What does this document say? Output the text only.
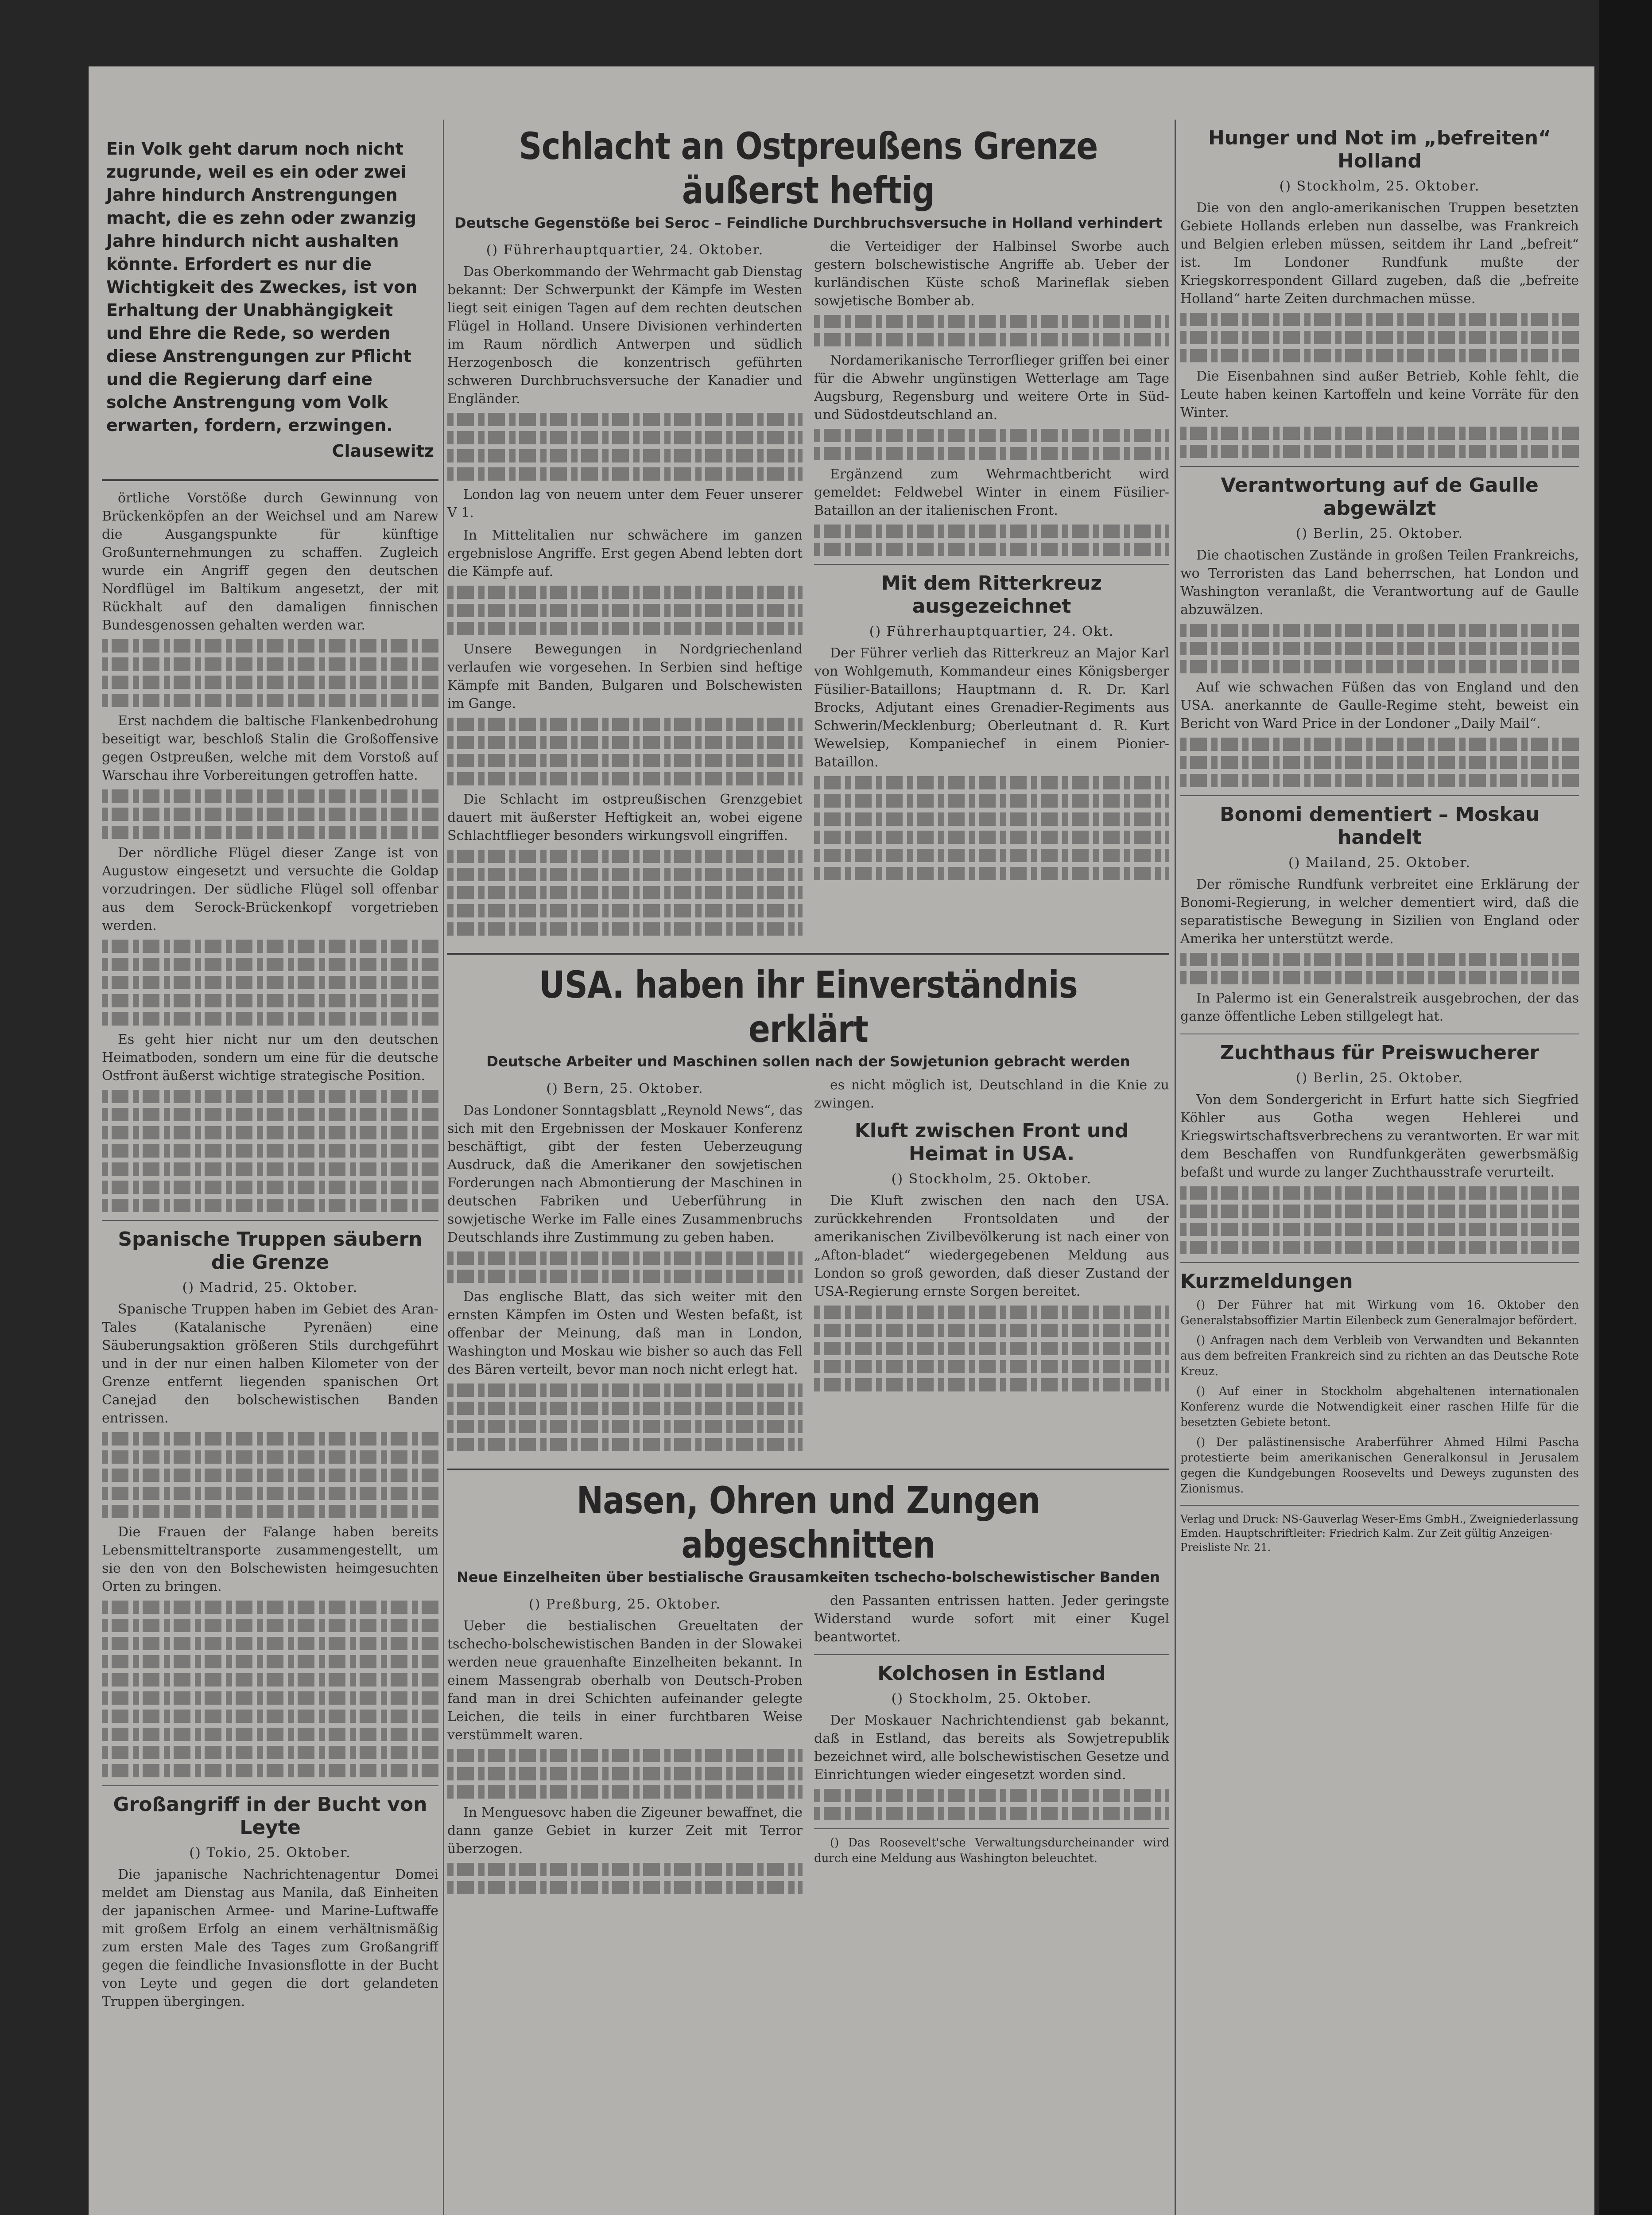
Ein Volk geht darum noch nicht zugrunde, weil es ein oder zwei Jahre hindurch Anstrengungen macht, die es zehn oder zwanzig Jahre hindurch nicht aushalten könnte. Erfordert es nur die Wichtigkeit des Zweckes, ist von Erhaltung der Unabhängigkeit und Ehre die Rede, so werden diese Anstrengungen zur Pflicht und die Regierung darf eine solche Anstrengung vom Volk erwarten, fordern, erzwingen.
Clausewitz

örtliche Vorstöße durch Gewinnung von Brückenköpfen an der Weichsel und am Narew die Ausgangspunkte für künftige Großunternehmungen zu schaffen. Zugleich wurde ein Angriff gegen den deutschen Nordflügel im Baltikum angesetzt, der mit Rückhalt auf den damaligen finnischen Bundesgenossen gehalten werden war.

Erst nachdem die baltische Flankenbedrohung beseitigt war, beschloß Stalin die Großoffensive gegen Ostpreußen, welche mit dem Vorstoß auf Warschau ihre Vorbereitungen getroffen hatte.

Der nördliche Flügel dieser Zange ist von Augustow eingesetzt und versuchte die Goldap vorzudringen. Der südliche Flügel soll offenbar aus dem Serock-Brückenkopf vorgetrieben werden.

Es geht hier nicht nur um den deutschen Heimatboden, sondern um eine für die deutsche Ostfront äußerst wichtige strategische Position.

Spanische Truppen säubern die Grenze
() Madrid, 25. Oktober.

Spanische Truppen haben im Gebiet des Aran-Tales (Katalanische Pyrenäen) eine Säuberungsaktion größeren Stils durchgeführt und in der nur einen halben Kilometer von der Grenze entfernt liegenden spanischen Ort Canejad den bolschewistischen Banden entrissen.

Die Frauen der Falange haben bereits Lebensmitteltransporte zusammengestellt, um sie den von den Bolschewisten heimgesuchten Orten zu bringen.

Großangriff in der Bucht von Leyte
() Tokio, 25. Oktober.

Die japanische Nachrichtenagentur Domei meldet am Dienstag aus Manila, daß Einheiten der japanischen Armee- und Marine-Luftwaffe mit großem Erfolg an einem verhältnismäßig zum ersten Male des Tages zum Großangriff gegen die feindliche Invasionsflotte in der Bucht von Leyte und gegen die dort gelandeten Truppen übergingen.

Schlacht an Ostpreußens Grenze äußerst heftig
Deutsche Gegenstöße bei Seroc – Feindliche Durchbruchsversuche in Holland verhindert
() Führerhauptquartier, 24. Oktober.

Das Oberkommando der Wehrmacht gab Dienstag bekannt: Der Schwerpunkt der Kämpfe im Westen liegt seit einigen Tagen auf dem rechten deutschen Flügel in Holland. Unsere Divisionen verhinderten im Raum nördlich Antwerpen und südlich Herzogenbosch die konzentrisch geführten schweren Durchbruchsversuche der Kanadier und Engländer.

London lag von neuem unter dem Feuer unserer V 1.

In Mittelitalien nur schwächere im ganzen ergebnislose Angriffe. Erst gegen Abend lebten dort die Kämpfe auf.

Unsere Bewegungen in Nordgriechenland verlaufen wie vorgesehen. In Serbien sind heftige Kämpfe mit Banden, Bulgaren und Bolschewisten im Gange.

Die Schlacht im ostpreußischen Grenzgebiet dauert mit äußerster Heftigkeit an, wobei eigene Schlachtflieger besonders wirkungsvoll eingriffen.

die Verteidiger der Halbinsel Sworbe auch gestern bolschewistische Angriffe ab. Ueber der kurländischen Küste schoß Marineflak sieben sowjetische Bomber ab.

Nordamerikanische Terrorflieger griffen bei einer für die Abwehr ungünstigen Wetterlage am Tage Augsburg, Regensburg und weitere Orte in Süd- und Südostdeutschland an.

Ergänzend zum Wehrmachtbericht wird gemeldet: Feldwebel Winter in einem Füsilier-Bataillon an der italienischen Front.

Mit dem Ritterkreuz ausgezeichnet
() Führerhauptquartier, 24. Okt.

Der Führer verlieh das Ritterkreuz an Major Karl von Wohlgemuth, Kommandeur eines Königsberger Füsilier-Bataillons; Hauptmann d. R. Dr. Karl Brocks, Adjutant eines Grenadier-Regiments aus Schwerin/Mecklenburg; Oberleutnant d. R. Kurt Wewelsiep, Kompaniechef in einem Pionier-Bataillon.

USA. haben ihr Einverständnis erklärt
Deutsche Arbeiter und Maschinen sollen nach der Sowjetunion gebracht werden
() Bern, 25. Oktober.

Das Londoner Sonntagsblatt „Reynold News“, das sich mit den Ergebnissen der Moskauer Konferenz beschäftigt, gibt der festen Ueberzeugung Ausdruck, daß die Amerikaner den sowjetischen Forderungen nach Abmontierung der Maschinen in deutschen Fabriken und Ueberführung in sowjetische Werke im Falle eines Zusammenbruchs Deutschlands ihre Zustimmung zu geben haben.

Das englische Blatt, das sich weiter mit den ernsten Kämpfen im Osten und Westen befaßt, ist offenbar der Meinung, daß man in London, Washington und Moskau wie bisher so auch das Fell des Bären verteilt, bevor man noch nicht erlegt hat.

es nicht möglich ist, Deutschland in die Knie zu zwingen.

Kluft zwischen Front und Heimat in USA.
() Stockholm, 25. Oktober.

Die Kluft zwischen den nach den USA. zurückkehrenden Frontsoldaten und der amerikanischen Zivilbevölkerung ist nach einer von „Afton-bladet“ wiedergegebenen Meldung aus London so groß geworden, daß dieser Zustand der USA-Regierung ernste Sorgen bereitet.

Nasen, Ohren und Zungen abgeschnitten
Neue Einzelheiten über bestialische Grausamkeiten tschecho-bolschewistischer Banden
() Preßburg, 25. Oktober.

Ueber die bestialischen Greueltaten der tschecho-bolschewistischen Banden in der Slowakei werden neue grauenhafte Einzelheiten bekannt. In einem Massengrab oberhalb von Deutsch-Proben fand man in drei Schichten aufeinander gelegte Leichen, die teils in einer furchtbaren Weise verstümmelt waren.

In Menguesovc haben die Zigeuner bewaffnet, die dann ganze Gebiet in kurzer Zeit mit Terror überzogen.

den Passanten entrissen hatten. Jeder geringste Widerstand wurde sofort mit einer Kugel beantwortet.

Kolchosen in Estland
() Stockholm, 25. Oktober.

Der Moskauer Nachrichtendienst gab bekannt, daß in Estland, das bereits als Sowjetrepublik bezeichnet wird, alle bolschewistischen Gesetze und Einrichtungen wieder eingesetzt worden sind.

() Das Roosevelt'sche Verwaltungsdurcheinander wird durch eine Meldung aus Washington beleuchtet.

Hunger und Not im „befreiten“ Holland
() Stockholm, 25. Oktober.

Die von den anglo-amerikanischen Truppen besetzten Gebiete Hollands erleben nun dasselbe, was Frankreich und Belgien erleben müssen, seitdem ihr Land „befreit“ ist. Im Londoner Rundfunk mußte der Kriegskorrespondent Gillard zugeben, daß die „befreite Holland“ harte Zeiten durchmachen müsse.

Die Eisenbahnen sind außer Betrieb, Kohle fehlt, die Leute haben keinen Kartoffeln und keine Vorräte für den Winter.

Verantwortung auf de Gaulle abgewälzt
() Berlin, 25. Oktober.

Die chaotischen Zustände in großen Teilen Frankreichs, wo Terroristen das Land beherrschen, hat London und Washington veranlaßt, die Verantwortung auf de Gaulle abzuwälzen.

Auf wie schwachen Füßen das von England und den USA. anerkannte de Gaulle-Regime steht, beweist ein Bericht von Ward Price in der Londoner „Daily Mail“.

Bonomi dementiert – Moskau handelt
() Mailand, 25. Oktober.

Der römische Rundfunk verbreitet eine Erklärung der Bonomi-Regierung, in welcher dementiert wird, daß die separatistische Bewegung in Sizilien von England oder Amerika her unterstützt werde.

In Palermo ist ein Generalstreik ausgebrochen, der das ganze öffentliche Leben stillgelegt hat.

Zuchthaus für Preiswucherer
() Berlin, 25. Oktober.

Von dem Sondergericht in Erfurt hatte sich Siegfried Köhler aus Gotha wegen Hehlerei und Kriegswirtschaftsverbrechens zu verantworten. Er war mit dem Beschaffen von Rundfunkgeräten gewerbsmäßig befaßt und wurde zu langer Zuchthausstrafe verurteilt.

Kurzmeldungen

() Der Führer hat mit Wirkung vom 16. Oktober den Generalstabsoffizier Martin Eilenbeck zum Generalmajor befördert.

() Anfragen nach dem Verbleib von Verwandten und Bekannten aus dem befreiten Frankreich sind zu richten an das Deutsche Rote Kreuz.

() Auf einer in Stockholm abgehaltenen internationalen Konferenz wurde die Notwendigkeit einer raschen Hilfe für die besetzten Gebiete betont.

() Der palästinensische Araberführer Ahmed Hilmi Pascha protestierte beim amerikanischen Generalkonsul in Jerusalem gegen die Kundgebungen Roosevelts und Deweys zugunsten des Zionismus.

Verlag und Druck: NS-Gauverlag Weser-Ems GmbH., Zweigniederlassung Emden. Hauptschriftleiter: Friedrich Kalm. Zur Zeit gültig Anzeigen-Preisliste Nr. 21.
